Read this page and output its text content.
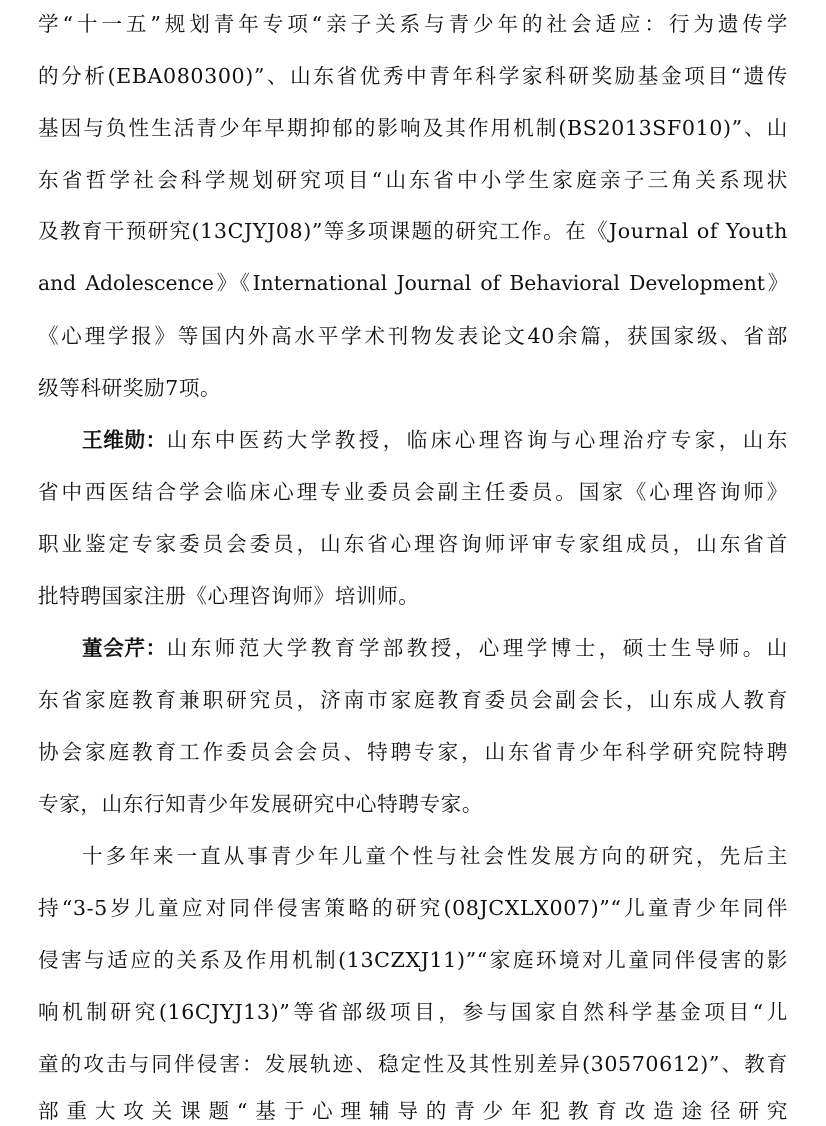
学“十一五”规划青年专项“亲子关系与青少年的社会适应：行为遗传学
的分析(EBA080300)”、山东省优秀中青年科学家科研奖励基金项目“遗传
基因与负性生活青少年早期抑郁的影响及其作用机制(BS2013SF010)”、山
东省哲学社会科学规划研究项目“山东省中小学生家庭亲子三角关系现状
及教育干预研究(13CJYJ08)”等多项课题的研究工作。在《Journal of Youth
and Adolescence》《International Journal of Behavioral Development》
《心理学报》等国内外高水平学术刊物发表论文40余篇，获国家级、省部
级等科研奖励7项。
王维勋： 山东中医药大学教授，临床心理咨询与心理治疗专家，山东
省中西医结合学会临床心理专业委员会副主任委员。国家《心理咨询师》
职业鉴定专家委员会委员，山东省心理咨询师评审专家组成员，山东省首
批特聘国家注册《心理咨询师》培训师。
董会芹： 山东师范大学教育学部教授，心理学博士，硕士生导师。山
东省家庭教育兼职研究员，济南市家庭教育委员会副会长，山东成人教育
协会家庭教育工作委员会会员、特聘专家，山东省青少年科学研究院特聘
专家，山东行知青少年发展研究中心特聘专家。
十多年来一直从事青少年儿童个性与社会性发展方向的研究，先后主
持“3-5岁儿童应对同伴侵害策略的研究(08JCXLX007)”“儿童青少年同伴
侵害与适应的关系及作用机制(13CZXJ11)”“家庭环境对儿童同伴侵害的影
响机制研究(16CJYJ13)”等省部级项目，参与国家自然科学基金项目“儿
童的攻击与同伴侵害：发展轨迹、稳定性及其性别差异(30570612)”、教育
部重大攻关课题“基于心理辅导的青少年犯教育改造途径研究
